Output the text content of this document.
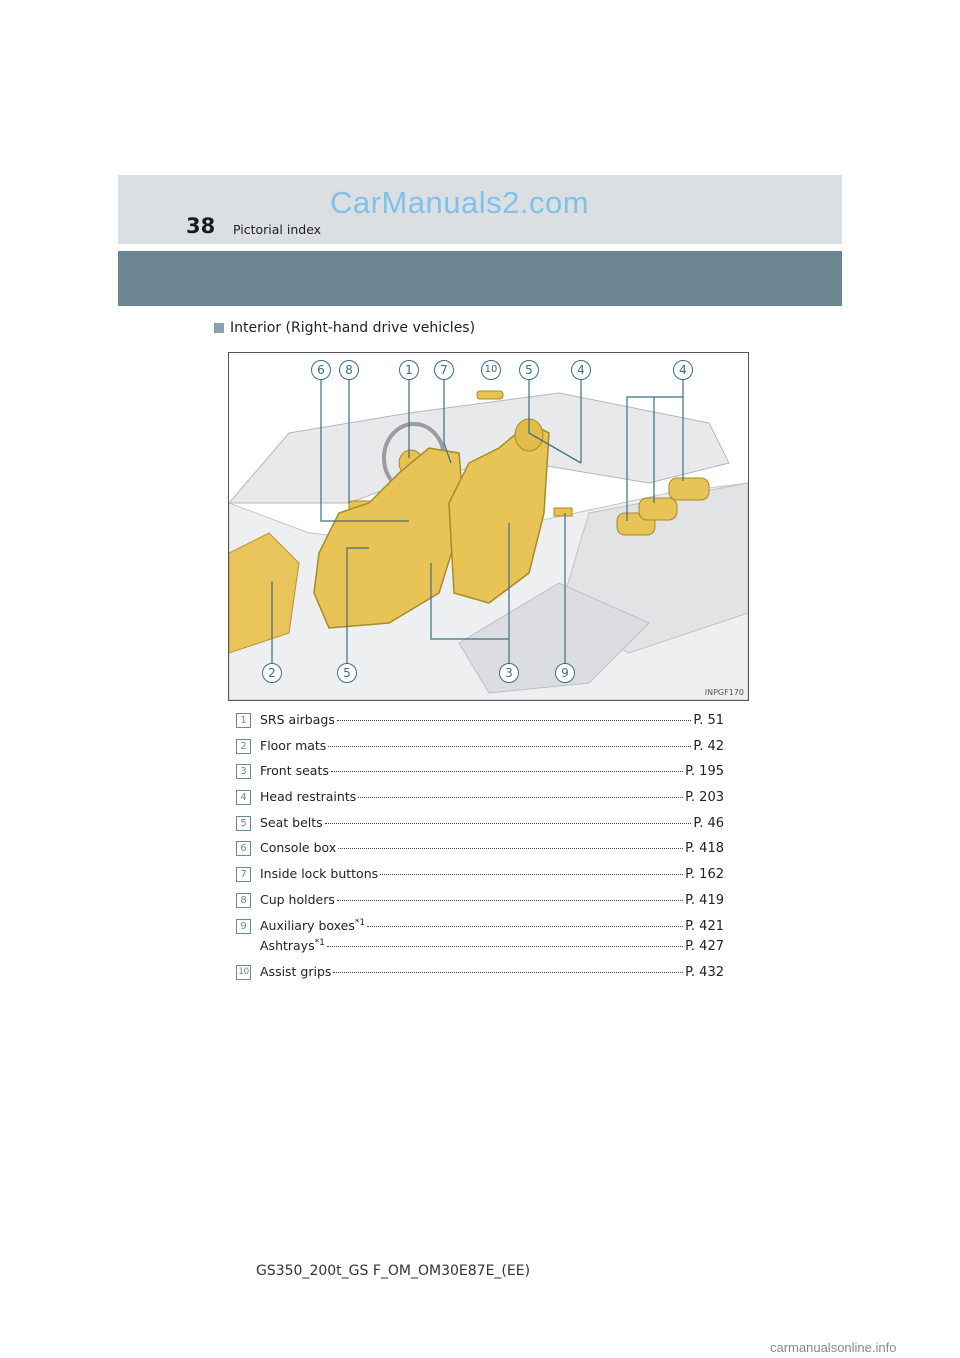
CarManuals2.com
38 Pictorial index
Interior (Right-hand drive vehicles)
6	8	1	7	10	5	4	4
2	5	3	9
INPGF170
1	SRS airbags	P. 51
2	Floor mats	P. 42
3	Front seats	P. 195
4	Head restraints	P. 203
5	Seat belts	P. 46
6	Console box	P. 418
7	Inside lock buttons	P. 162
8	Cup holders	P. 419
9	Auxiliary boxes$^{*1}$	P. 421
Ashtrays$^{*1}$	P. 427
10 Assist grips	P. 432
GS350_200t_GS F_OM_OM30E87E_(EE)
carmanualsonline.info
